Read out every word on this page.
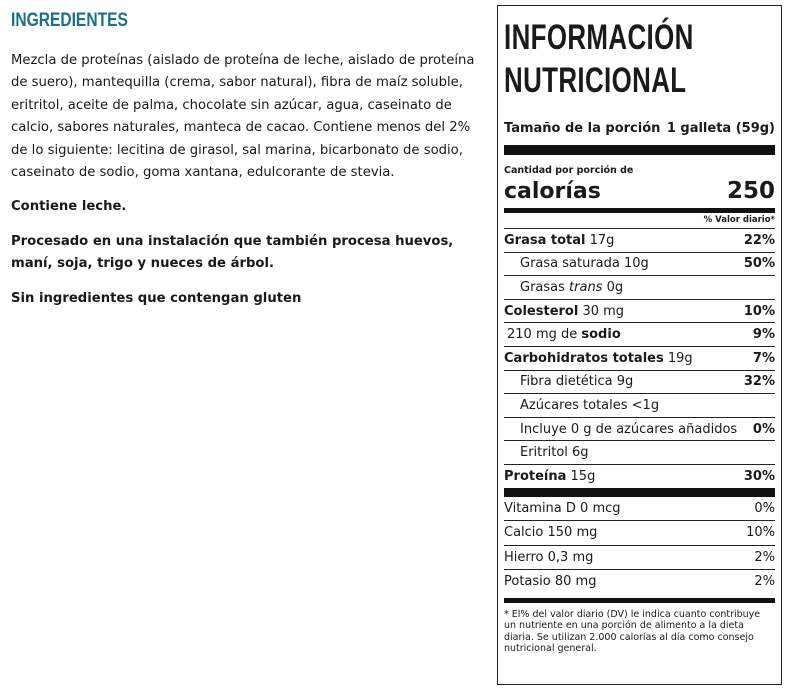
INGREDIENTES

Mezcla de proteínas (aislado de proteína de leche, aislado de proteína de suero), mantequilla (crema, sabor natural), fibra de maíz soluble, eritritol, aceite de palma, chocolate sin azúcar, agua, caseinato de calcio, sabores naturales, manteca de cacao. Contiene menos del 2% de lo siguiente: lecitina de girasol, sal marina, bicarbonato de sodio, caseinato de sodio, goma xantana, edulcorante de stevia.

Contiene leche.

Procesado en una instalación que también procesa huevos, maní, soja, trigo y nueces de árbol.

Sin ingredientes que contengan gluten

INFORMACIÓN
NUTRICIONAL
Tamaño de la porción 1 galleta (59g)
Cantidad por porción de
calorías	250
% Valor diario*
Grasa total 17g	22%
Grasa saturada 10g	50%
Grasas trans 0g
Colesterol 30 mg	10%
210 mg de sodio	9%
Carbohidratos totales 19g	7%
Fibra dietética 9g	32%
Azúcares totales <1g
Incluye 0 g de azúcares añadidos 0%
Eritritol 6g
Proteína 15g	30%
Vitamina D 0 mcg	0%
Calcio 150 mg	10%
Hierro 0,3 mg	2%
Potasio 80 mg	2%
* El% del valor diario (DV) le indica cuanto contribuye un nutriente en una porción de alimento a la dieta diaria. Se utilizan 2.000 calorías al día como consejo nutricional general.
